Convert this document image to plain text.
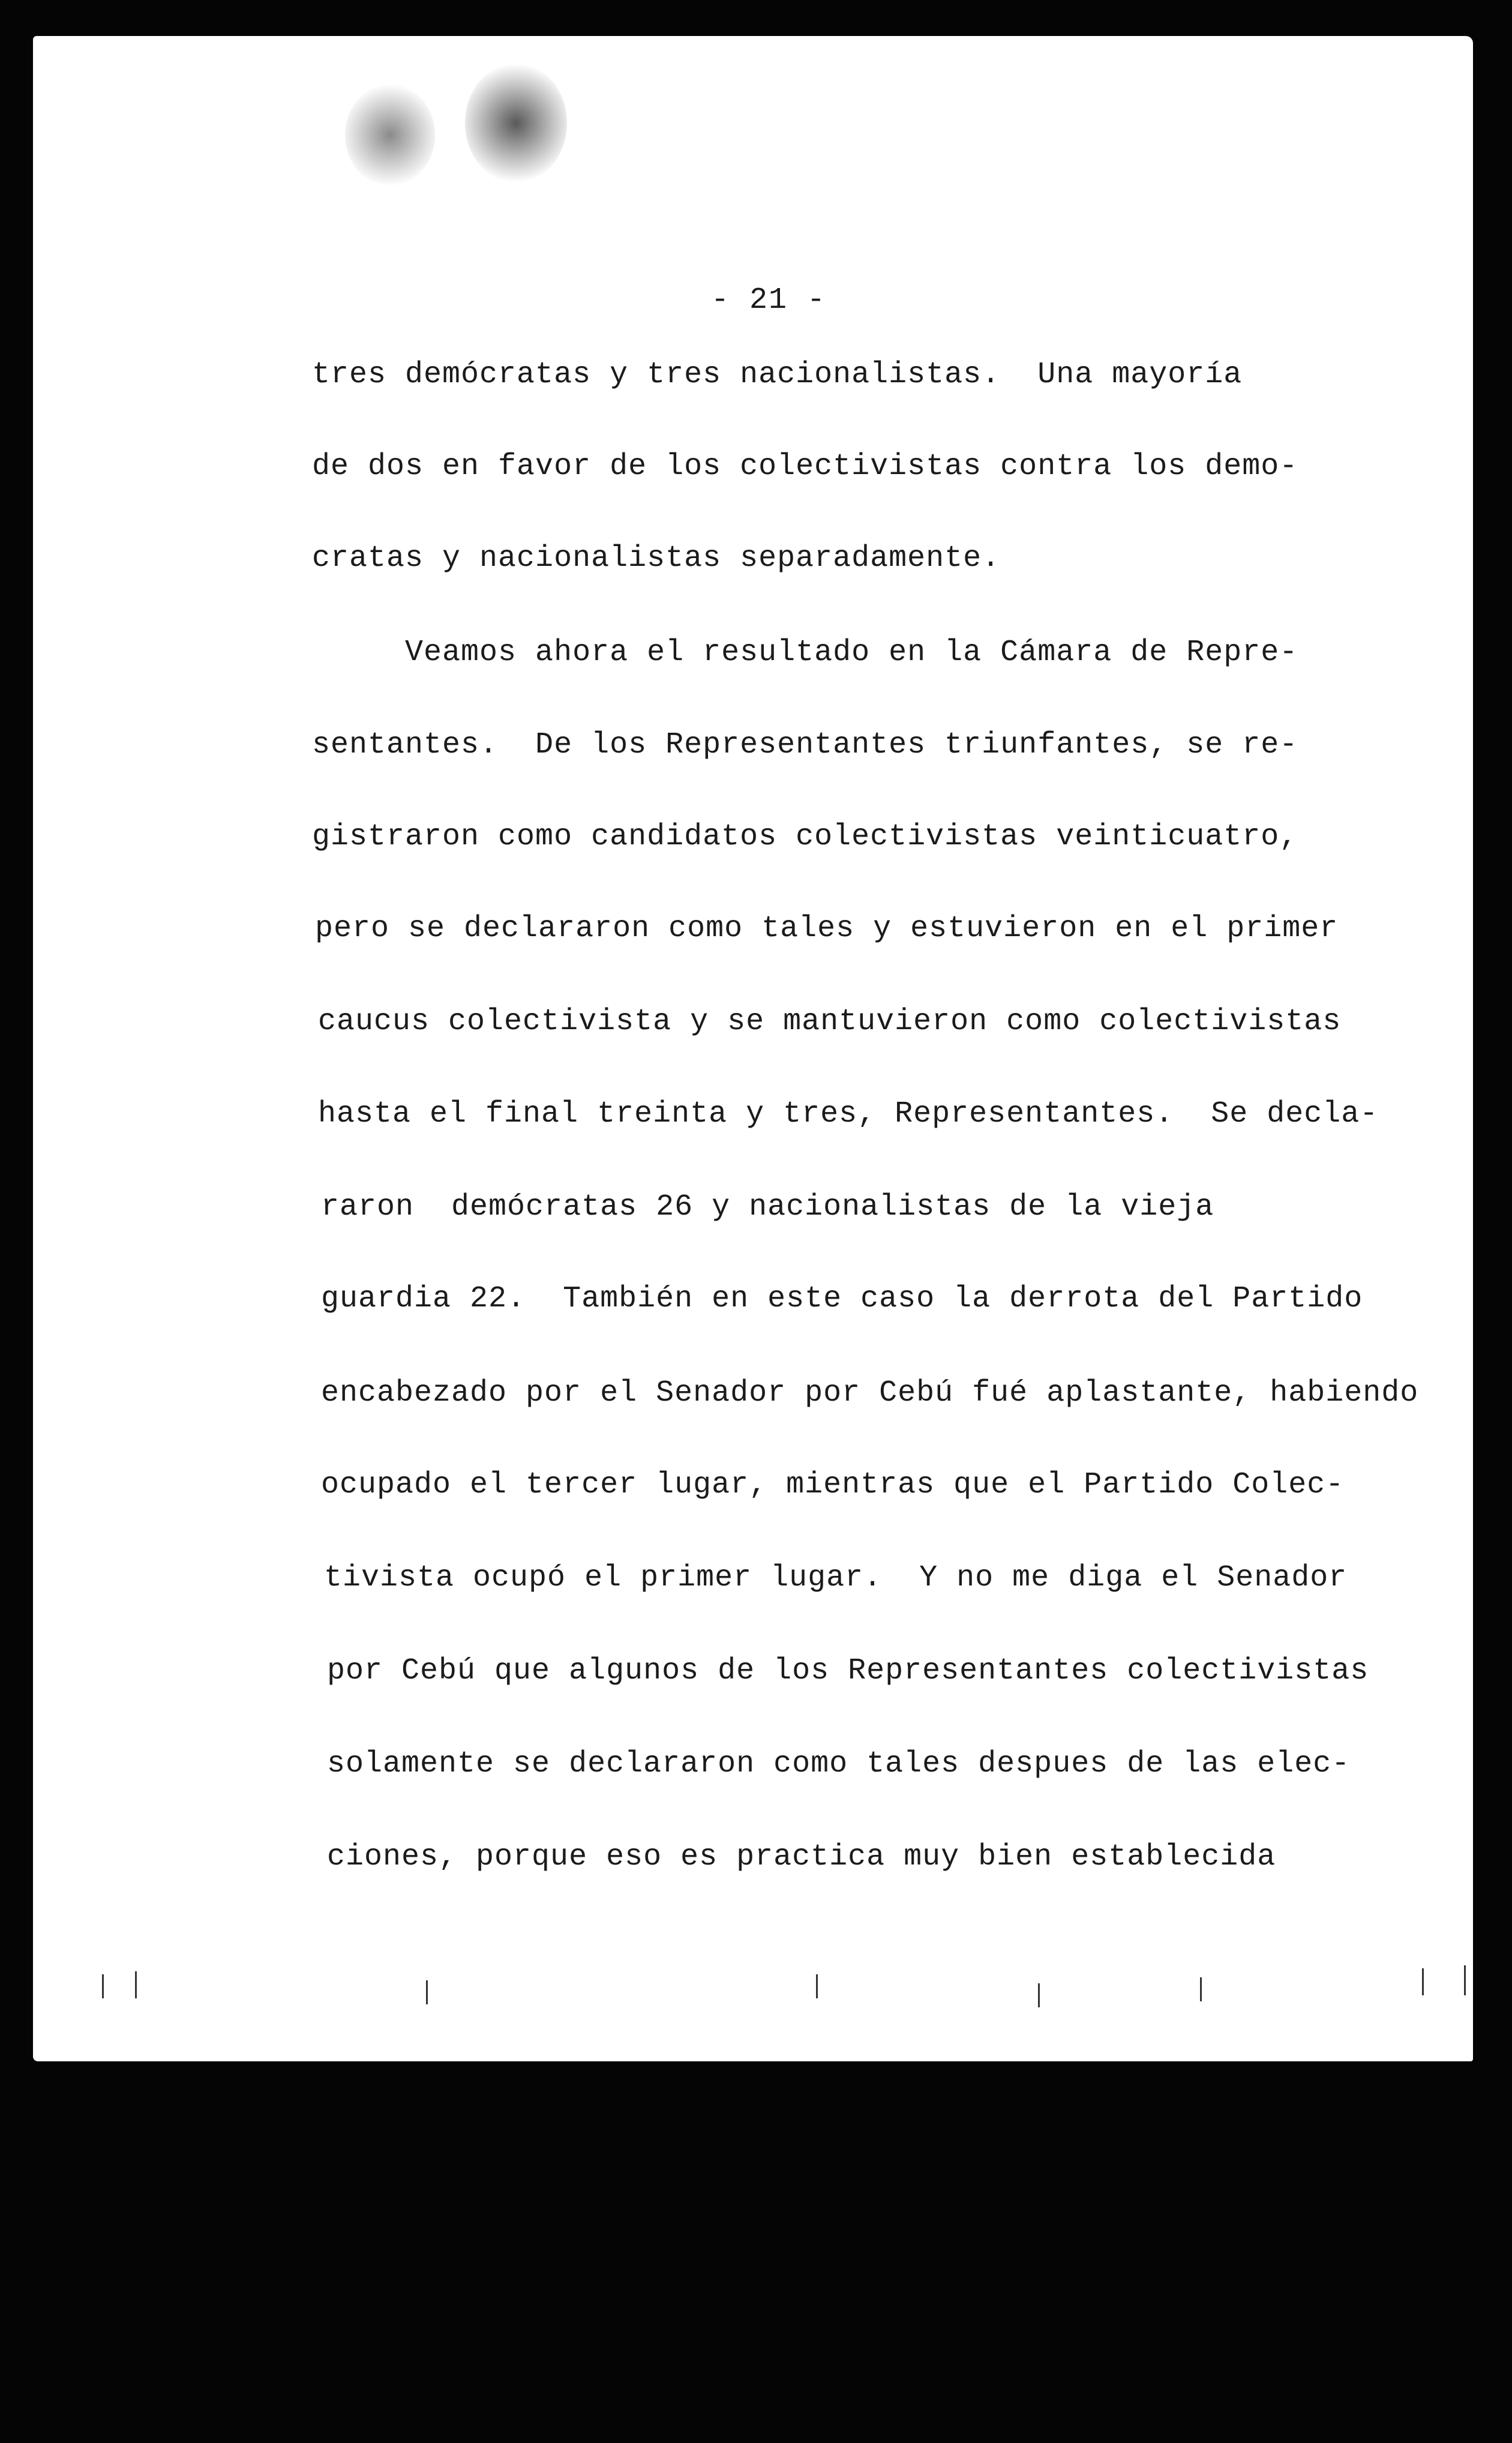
- 21 -
tres demócratas y tres nacionalistas.  Una mayoría
de dos en favor de los colectivistas contra los demo-
cratas y nacionalistas separadamente.
Veamos ahora el resultado en la Cámara de Repre-
sentantes.  De los Representantes triunfantes, se re-
gistraron como candidatos colectivistas veinticuatro,
pero se declararon como tales y estuvieron en el primer
caucus colectivista y se mantuvieron como colectivistas
hasta el final treinta y tres, Representantes.  Se decla-
raron  demócratas 26 y nacionalistas de la vieja
guardia 22.  También en este caso la derrota del Partido
encabezado por el Senador por Cebú fué aplastante, habiendo
ocupado el tercer lugar, mientras que el Partido Colec-
tivista ocupó el primer lugar.  Y no me diga el Senador
por Cebú que algunos de los Representantes colectivistas
solamente se declararon como tales despues de las elec-
ciones, porque eso es practica muy bien establecida
